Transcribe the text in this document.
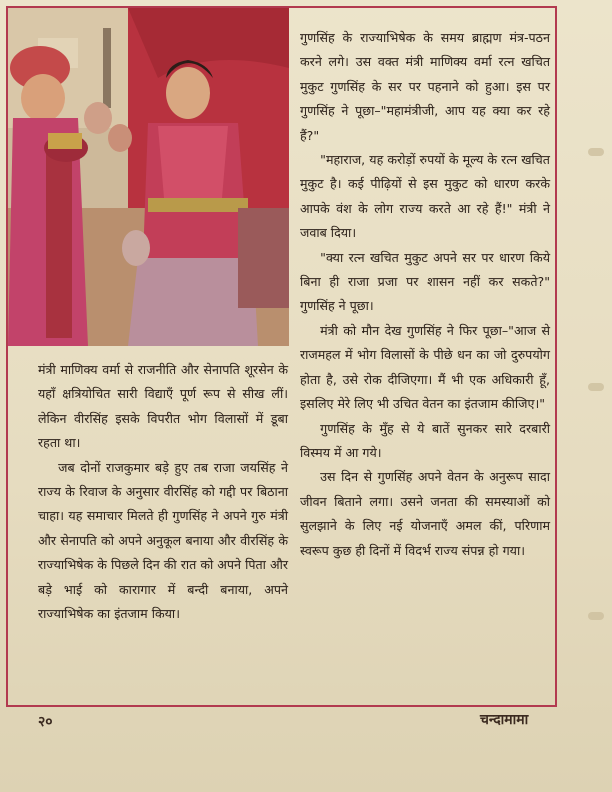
गुणसिंह के राज्याभिषेक के समय ब्राह्मण मंत्र-पठन करने लगे। उस वक्त मंत्री माणिक्य वर्मा रत्न खचित मुकुट गुणसिंह के सर पर पहनाने को हुआ। इस पर गुणसिंह ने पूछा–"महामंत्रीजी, आप यह क्या कर रहे हैं?"

"महाराज, यह करोड़ों रुपयों के मूल्य के रत्न खचित मुकुट है। कई पीढ़ियों से इस मुकुट को धारण करके आपके वंश के लोग राज्य करते आ रहे हैं!" मंत्री ने जवाब दिया।

"क्या रत्न खचित मुकुट अपने सर पर धारण किये बिना ही राजा प्रजा पर शासन नहीं कर सकते?" गुणसिंह ने पूछा।

मंत्री को मौन देख गुणसिंह ने फिर पूछा–"आज से राजमहल में भोग विलासों के पीछे धन का जो दुरुपयोग होता है, उसे रोक दीजिएगा। मैं भी एक अधिकारी हूँ, इसलिए मेरे लिए भी उचित वेतन का इंतजाम कीजिए।"

गुणसिंह के मुँह से ये बातें सुनकर सारे दरबारी विस्मय में आ गये।

उस दिन से गुणसिंह अपने वेतन के अनुरूप सादा जीवन बिताने लगा। उसने जनता की समस्याओं को सुलझाने के लिए नई योजनाएँ अमल कीं, परिणाम स्वरूप कुछ ही दिनों में विदर्भ राज्य संपन्न हो गया।

मंत्री माणिक्य वर्मा से राजनीति और सेनापति शूरसेन के यहाँ क्षत्रियोचित सारी विद्याएँ पूर्ण रूप से सीख लीं। लेकिन वीरसिंह इसके विपरीत भोग विलासों में डूबा रहता था।

जब दोनों राजकुमार बड़े हुए तब राजा जयसिंह ने राज्य के रिवाज के अनुसार वीरसिंह को गद्दी पर बिठाना चाहा। यह समाचार मिलते ही गुणसिंह ने अपने गुरु मंत्री और सेनापति को अपने अनुकूल बनाया और वीरसिंह के राज्याभिषेक के पिछले दिन की रात को अपने पिता और बड़े भाई को कारागार में बन्दी बनाया, अपने राज्याभिषेक का इंतजाम किया।

२०	चन्दामामा
